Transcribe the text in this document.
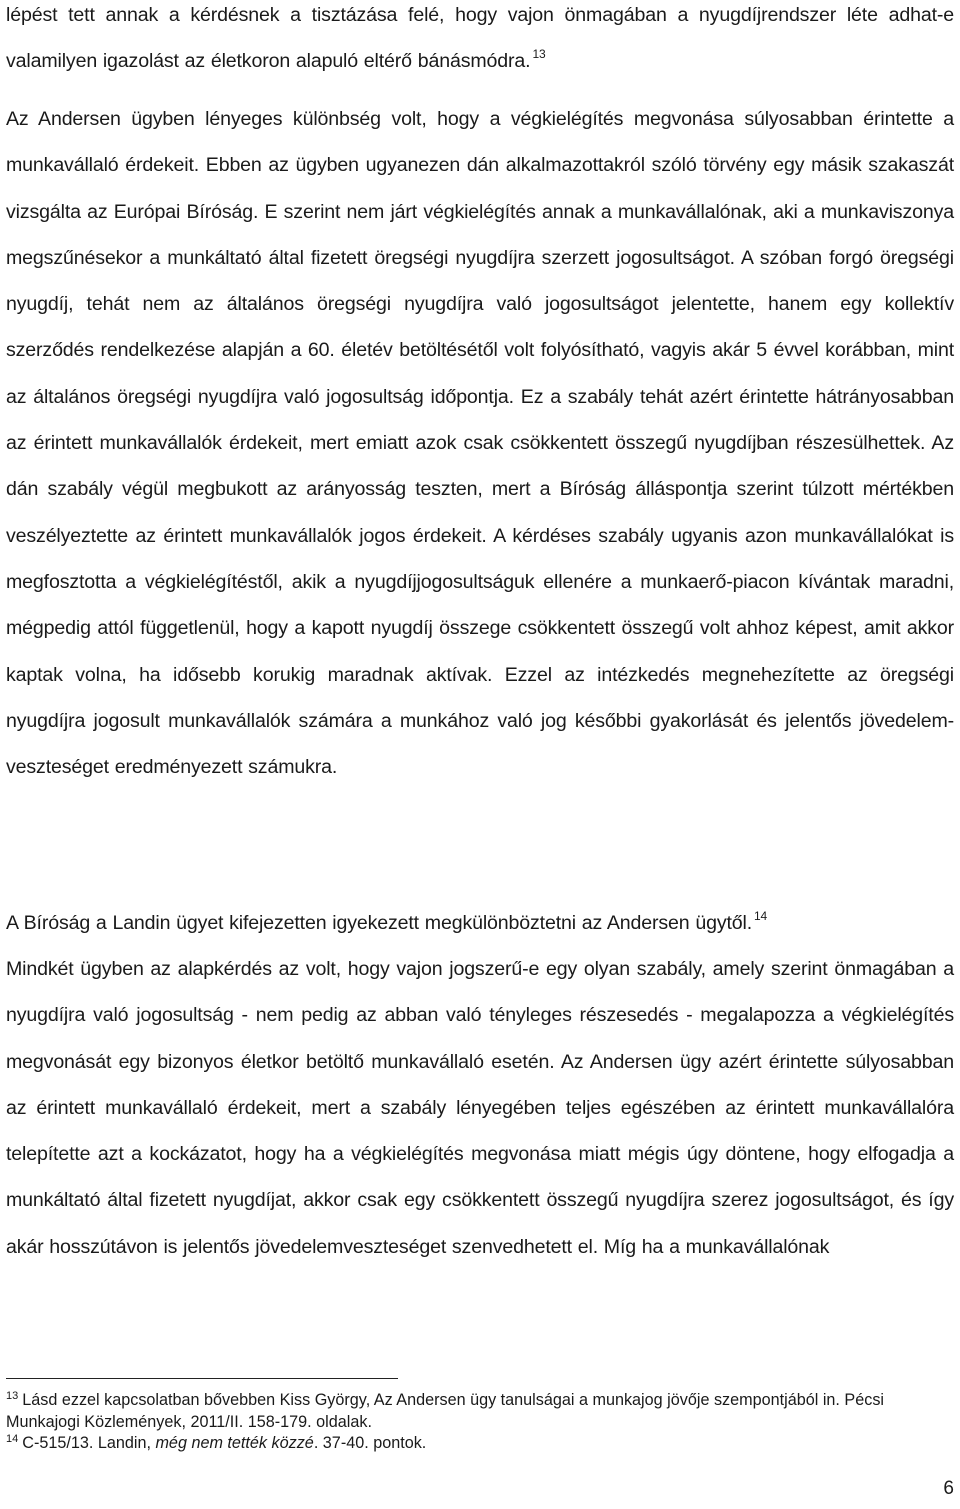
lépést tett annak a kérdésnek a tisztázása felé, hogy vajon önmagában a nyugdíjrendszer léte adhat-e valamilyen igazolást az életkoron alapuló eltérő bánásmódra. $^{13}$

Az Andersen ügyben lényeges különbség volt, hogy a végkielégítés megvonása súlyosabban érintette a munkavállaló érdekeit. Ebben az ügyben ugyanezen dán alkalmazottakról szóló törvény egy másik szakaszát vizsgálta az Európai Bíróság. E szerint nem járt végkielégítés annak a munkavállalónak, aki a munkaviszonya megszűnésekor a munkáltató által fizetett öregségi nyugdíjra szerzett jogosultságot. A szóban forgó öregségi nyugdíj, tehát nem az általános öregségi nyugdíjra való jogosultságot jelentette, hanem egy kollektív szerződés rendelkezése alapján a 60. életév betöltésétől volt folyósítható, vagyis akár 5 évvel korábban, mint az általános öregségi nyugdíjra való jogosultság időpontja. Ez a szabály tehát azért érintette hátrányosabban az érintett munkavállalók érdekeit, mert emiatt azok csak csökkentett összegű nyugdíjban részesülhettek. Az dán szabály végül megbukott az arányosság teszten, mert a Bíróság álláspontja szerint túlzott mértékben veszélyeztette az érintett munkavállalók jogos érdekeit. A kérdéses szabály ugyanis azon munkavállalókat is megfosztotta a végkielégítéstől, akik a nyugdíjjogosultságuk ellenére a munkaerő-piacon kívántak maradni, mégpedig attól függetlenül, hogy a kapott nyugdíj összege csökkentett összegű volt ahhoz képest, amit akkor kaptak volna, ha idősebb korukig maradnak aktívak. Ezzel az intézkedés megnehezítette az öregségi nyugdíjra jogosult munkavállalók számára a munkához való jog későbbi gyakorlását és jelentős jövedelem-veszteséget eredményezett számukra.

A Bíróság a Landin ügyet kifejezetten igyekezett megkülönböztetni az Andersen ügytől. $^{14}$

Mindkét ügyben az alapkérdés az volt, hogy vajon jogszerű-e egy olyan szabály, amely szerint önmagában a nyugdíjra való jogosultság - nem pedig az abban való tényleges részesedés - megalapozza a végkielégítés megvonását egy bizonyos életkor betöltő munkavállaló esetén. Az Andersen ügy azért érintette súlyosabban az érintett munkavállaló érdekeit, mert a szabály lényegében teljes egészében az érintett munkavállalóra telepítette azt a kockázatot, hogy ha a végkielégítés megvonása miatt mégis úgy döntene, hogy elfogadja a munkáltató által fizetett nyugdíjat, akkor csak egy csökkentett összegű nyugdíjra szerez jogosultságot, és így akár hosszútávon is jelentős jövedelemveszteséget szenvedhetett el. Míg ha a munkavállalónak

$^{13}$ Lásd ezzel kapcsolatban bővebben Kiss György, Az Andersen ügy tanulságai a munkajog jövője szempontjából in. Pécsi Munkajogi Közlemények, 2011/II. 158-179. oldalak.

$^{14}$ C-515/13. Landin, még nem tették közzé. 37-40. pontok.

6
